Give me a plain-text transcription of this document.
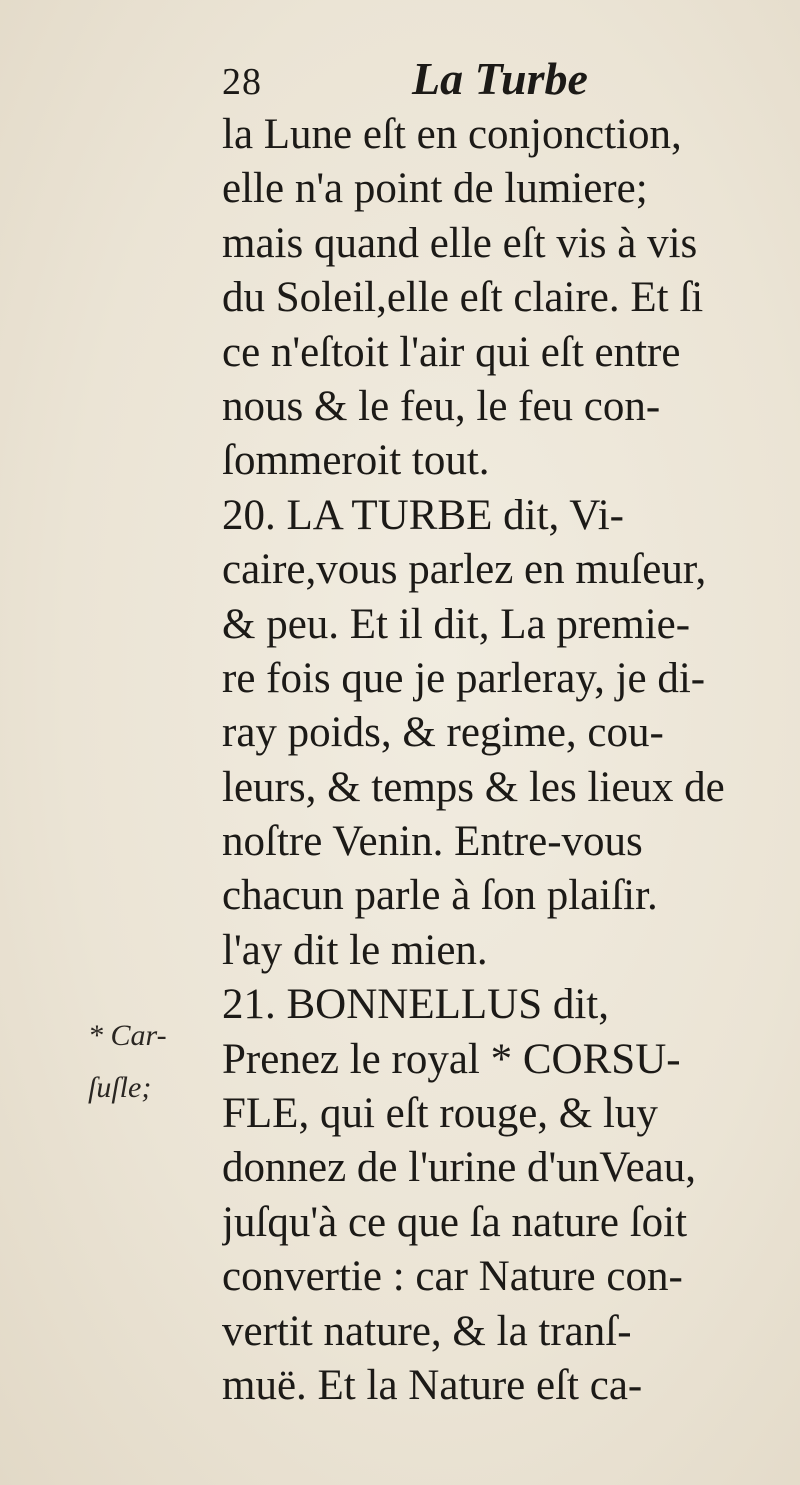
28	La Turbe
* Car-
ſuſle;
la Lune eſt en conjonction,
elle n'a point de lumiere;
mais quand elle eſt vis à vis
du Soleil,elle eſt claire. Et ſi
ce n'eſtoit l'air qui eſt entre
nous & le feu, le feu con-
ſommeroit tout.
20. LA TURBE dit, Vi-
caire,vous parlez en muſeur,
& peu. Et il dit, La premie-
re fois que je parleray, je di-
ray poids, & regime, cou-
leurs, & temps & les lieux de
noſtre Venin. Entre-vous
chacun parle à ſon plaiſir.
l'ay dit le mien.
21. BONNELLUS dit,
Prenez le royal * CORSU-
FLE, qui eſt rouge, & luy
donnez de l'urine d'unVeau,
juſqu'à ce que ſa nature ſoit
convertie : car Nature con-
vertit nature, & la tranſ-
muë. Et la Nature eſt ca-
